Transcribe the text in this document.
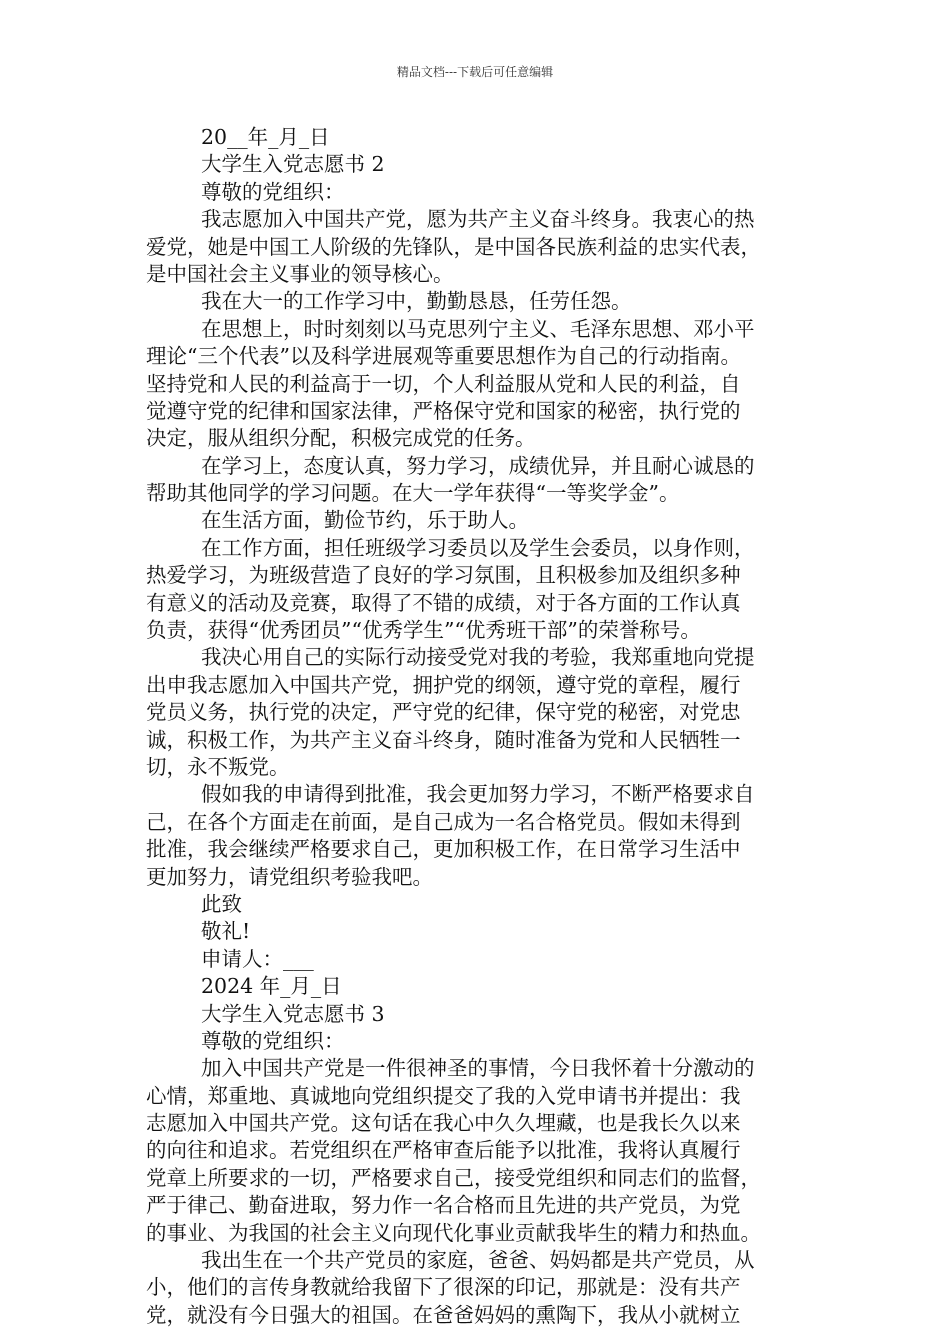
精品文档---下载后可任意编辑
20__年_月_日
大学生入党志愿书 2
尊敬的党组织：
我志愿加入中国共产党，愿为共产主义奋斗终身。我衷心的热
爱党，她是中国工人阶级的先锋队，是中国各民族利益的忠实代表，
是中国社会主义事业的领导核心。
我在大一的工作学习中，勤勤恳恳，任劳任怨。
在思想上，时时刻刻以马克思列宁主义、毛泽东思想、邓小平
理论“三个代表”以及科学进展观等重要思想作为自己的行动指南。
坚持党和人民的利益高于一切，个人利益服从党和人民的利益，自
觉遵守党的纪律和国家法律，严格保守党和国家的秘密，执行党的
决定，服从组织分配，积极完成党的任务。
在学习上，态度认真，努力学习，成绩优异，并且耐心诚恳的
帮助其他同学的学习问题。在大一学年获得“一等奖学金”。
在生活方面，勤俭节约，乐于助人。
在工作方面，担任班级学习委员以及学生会委员，以身作则，
热爱学习，为班级营造了良好的学习氛围，且积极参加及组织多种
有意义的活动及竞赛，取得了不错的成绩，对于各方面的工作认真
负责，获得“优秀团员”“优秀学生”“优秀班干部”的荣誉称号。
我决心用自己的实际行动接受党对我的考验，我郑重地向党提
出申我志愿加入中国共产党，拥护党的纲领，遵守党的章程，履行
党员义务，执行党的决定，严守党的纪律，保守党的秘密，对党忠
诚，积极工作，为共产主义奋斗终身，随时准备为党和人民牺牲一
切，永不叛党。
假如我的申请得到批准，我会更加努力学习，不断严格要求自
己，在各个方面走在前面，是自己成为一名合格党员。假如未得到
批准，我会继续严格要求自己，更加积极工作，在日常学习生活中
更加努力，请党组织考验我吧。
此致
敬礼!
申请人：___
2024 年_月_日
大学生入党志愿书 3
尊敬的党组织：
加入中国共产党是一件很神圣的事情，今日我怀着十分激动的
心情，郑重地、真诚地向党组织提交了我的入党申请书并提出：我
志愿加入中国共产党。这句话在我心中久久埋藏，也是我长久以来
的向往和追求。若党组织在严格审查后能予以批准，我将认真履行
党章上所要求的一切，严格要求自己，接受党组织和同志们的监督，
严于律己、勤奋进取，努力作一名合格而且先进的共产党员，为党
的事业、为我国的社会主义向现代化事业贡献我毕生的精力和热血。
我出生在一个共产党员的家庭，爸爸、妈妈都是共产党员，从
小，他们的言传身教就给我留下了很深的印记，那就是：没有共产
党，就没有今日强大的祖国。在爸爸妈妈的熏陶下，我从小就树立
